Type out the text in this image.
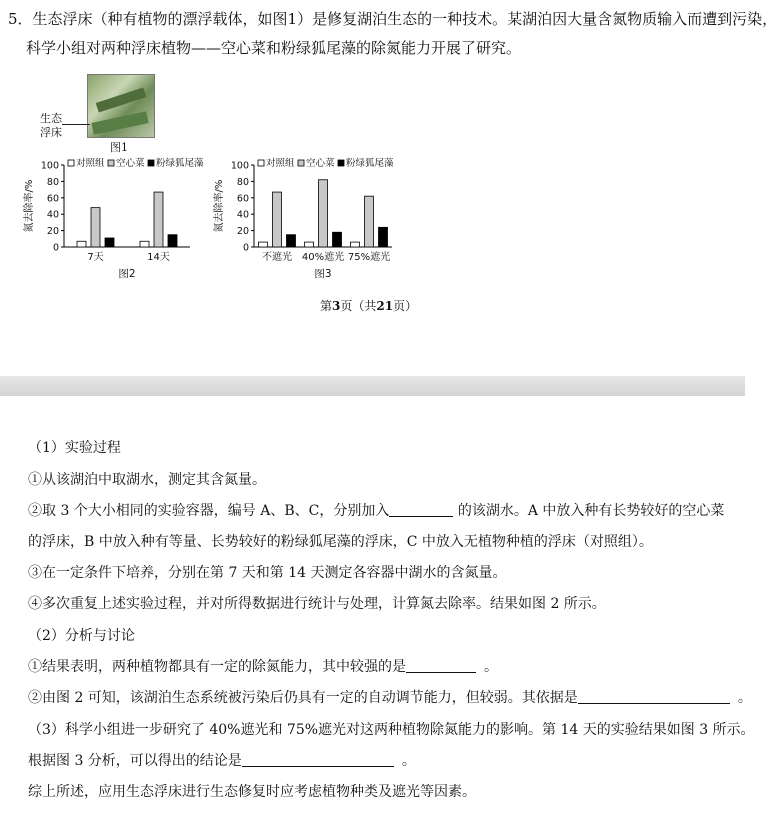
5．生态浮床（种有植物的漂浮载体，如图1）是修复湖泊生态的一种技术。某湖泊因大量含氮物质输入而遭到污染，
科学小组对两种浮床植物——空心菜和粉绿狐尾藻的除氮能力开展了研究。
生态
浮床
图1
对照组 空心菜 粉绿狐尾藻
氮去除率/%
0
20
40
60
80
100
7天	14天
图2
对照组 空心菜 粉绿狐尾藻
氮去除率/%
0
20
40
60
80
100
不遮光 40%遮光 75%遮光
图3
第3页（共21页）
（1）实验过程
①从该湖泊中取湖水，测定其含氮量。
②取 3 个大小相同的实验容器，编号 A、B、C，分别加入	的该湖水。A 中放入种有长势较好的空心菜
的浮床，B 中放入种有等量、长势较好的粉绿狐尾藻的浮床，C 中放入无植物种植的浮床（对照组）。
③在一定条件下培养，分别在第 7 天和第 14 天测定各容器中湖水的含氮量。
④多次重复上述实验过程，并对所得数据进行统计与处理，计算氮去除率。结果如图 2 所示。
（2）分析与讨论
①结果表明，两种植物都具有一定的除氮能力，其中较强的是	。
②由图 2 可知，该湖泊生态系统被污染后仍具有一定的自动调节能力，但较弱。其依据是	。
（3）科学小组进一步研究了 40%遮光和 75%遮光对这两种植物除氮能力的影响。第 14 天的实验结果如图 3 所示。
根据图 3 分析，可以得出的结论是	。
综上所述，应用生态浮床进行生态修复时应考虑植物种类及遮光等因素。
